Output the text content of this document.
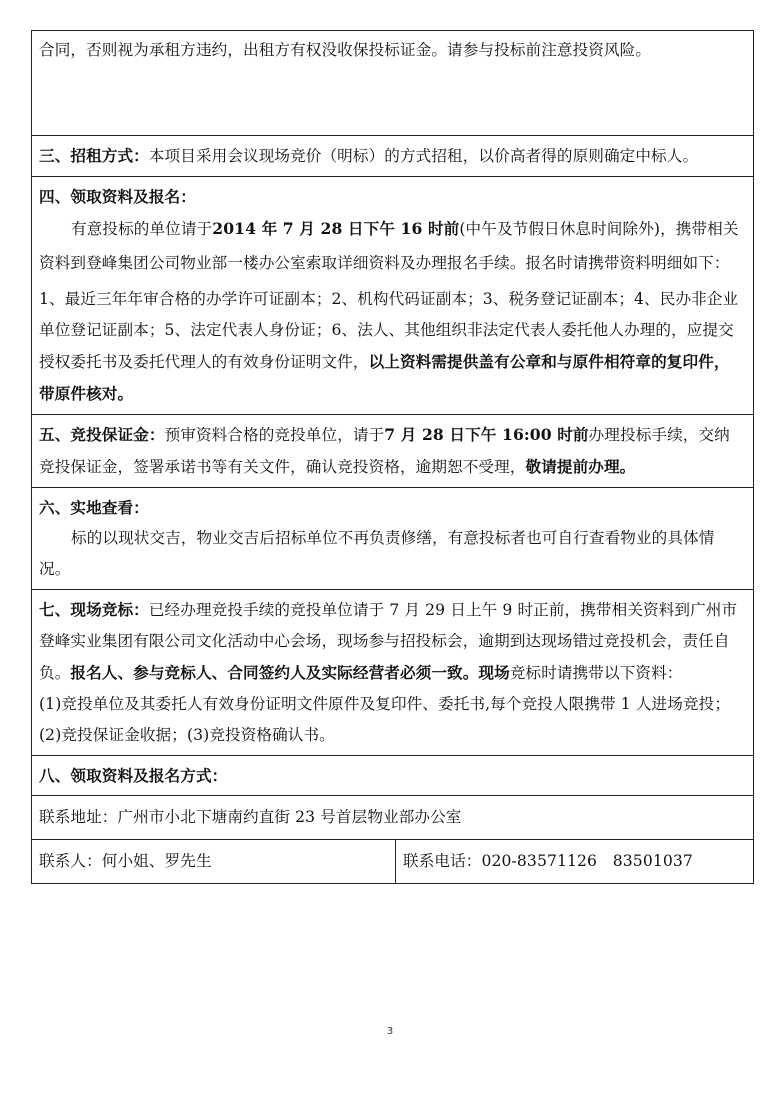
合同，否则视为承租方违约，出租方有权没收保投标证金。请参与投标前注意投资风险。

三、招租方式：本项目采用会议现场竞价（明标）的方式招租，以价高者得的原则确定中标人。

四、领取资料及报名：

有意投标的单位请于2014 年 7 月 28 日下午 16 时前(中午及节假日休息时间除外)，携带相关资料到登峰集团公司物业部一楼办公室索取详细资料及办理报名手续。报名时请携带资料明细如下：

1、最近三年年审合格的办学许可证副本；2、机构代码证副本；3、税务登记证副本；4、民办非企业单位登记证副本；5、法定代表人身份证；6、法人、其他组织非法定代表人委托他人办理的，应提交授权委托书及委托代理人的有效身份证明文件，以上资料需提供盖有公章和与原件相符章的复印件，带原件核对。

五、竞投保证金：预审资料合格的竞投单位，请于7 月 28 日下午 16:00 时前办理投标手续，交纳竞投保证金，签署承诺书等有关文件，确认竞投资格，逾期恕不受理，敬请提前办理。

六、实地查看：

标的以现状交吉，物业交吉后招标单位不再负责修缮，有意投标者也可自行查看物业的具体情况。

七、现场竞标：已经办理竞投手续的竞投单位请于 7 月 29 日上午 9 时正前，携带相关资料到广州市登峰实业集团有限公司文化活动中心会场，现场参与招投标会，逾期到达现场错过竞投机会，责任自负。报名人、参与竞标人、合同签约人及实际经营者必须一致。现场竞标时请携带以下资料：

(1)竞投单位及其委托人有效身份证明文件原件及复印件、委托书,每个竞投人限携带 1 人进场竞投；(2)竞投保证金收据；(3)竞投资格确认书。

八、领取资料及报名方式：

联系地址：广州市小北下塘南约直街 23 号首层物业部办公室

联系人：何小姐、罗先生	联系电话：020-83571126　83501037

3
